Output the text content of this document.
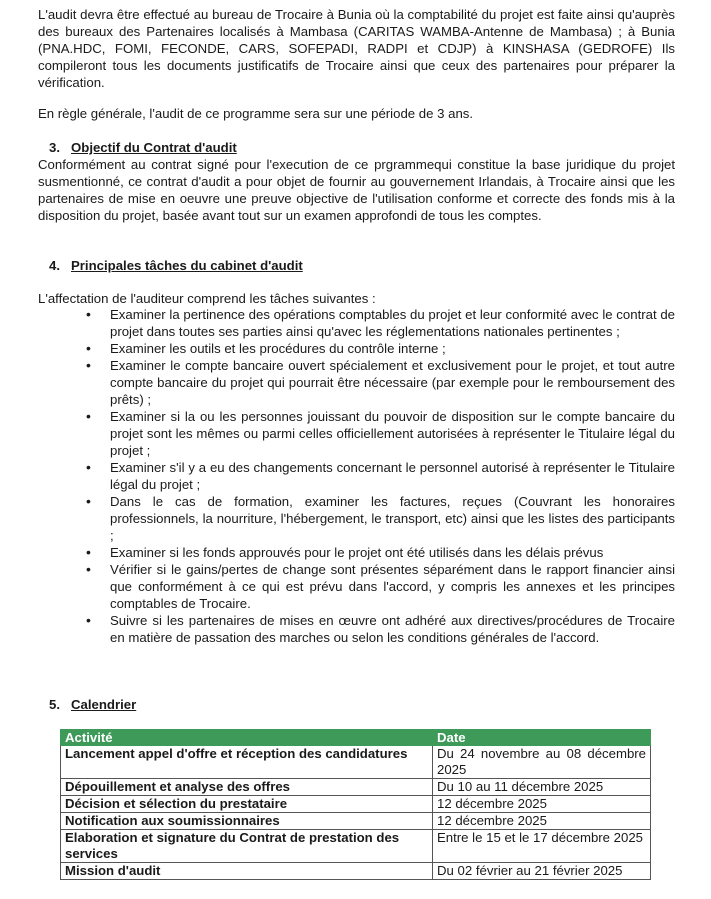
L'audit devra être effectué au bureau de Trocaire à Bunia où la comptabilité du projet est faite ainsi qu'auprès des bureaux des Partenaires localisés à Mambasa (CARITAS WAMBA-Antenne de Mambasa) ; à Bunia (PNA.HDC, FOMI, FECONDE, CARS, SOFEPADI, RADPI et CDJP) à KINSHASA (GEDROFE) Ils compileront tous les documents justificatifs de Trocaire ainsi que ceux des partenaires pour préparer la vérification.

En règle générale, l'audit de ce programme sera sur une période de 3 ans.

3. Objectif du Contrat d'audit

Conformément au contrat signé pour l'execution de ce prgrammequi constitue la base juridique du projet susmentionné, ce contrat d'audit a pour objet de fournir au gouvernement Irlandais, à Trocaire ainsi que les partenaires de mise en oeuvre une preuve objective de l'utilisation conforme et correcte des fonds mis à la disposition du projet, basée avant tout sur un examen approfondi de tous les comptes.

4. Principales tâches du cabinet d'audit

L'affectation de l'auditeur comprend les tâches suivantes :

• Examiner la pertinence des opérations comptables du projet et leur conformité avec le contrat de projet dans toutes ses parties ainsi qu'avec les réglementations nationales pertinentes ;
• Examiner les outils et les procédures du contrôle interne ;
• Examiner le compte bancaire ouvert spécialement et exclusivement pour le projet, et tout autre compte bancaire du projet qui pourrait être nécessaire (par exemple pour le remboursement des prêts) ;
• Examiner si la ou les personnes jouissant du pouvoir de disposition sur le compte bancaire du projet sont les mêmes ou parmi celles officiellement autorisées à représenter le Titulaire légal du projet ;
• Examiner s'il y a eu des changements concernant le personnel autorisé à représenter le Titulaire légal du projet ;
• Dans le cas de formation, examiner les factures, reçues (Couvrant les honoraires professionnels, la nourriture, l'hébergement, le transport, etc) ainsi que les listes des participants ;
• Examiner si les fonds approuvés pour le projet ont été utilisés dans les délais prévus
• Vérifier si le gains/pertes de change sont présentes séparément dans le rapport financier ainsi que conformément à ce qui est prévu dans l'accord, y compris les annexes et les principes comptables de Trocaire.
• Suivre si les partenaires de mises en œuvre ont adhéré aux directives/procédures de Trocaire en matière de passation des marches ou selon les conditions générales de l'accord.
5. Calendrier
Activité	Date
Lancement appel d'offre et réception des candidatures	Du 24 novembre au 08 décembre 2025
Dépouillement et analyse des offres	Du 10 au 11 décembre 2025
Décision et sélection du prestataire	12 décembre 2025
Notification aux soumissionnaires	12 décembre 2025
Elaboration et signature du Contrat de prestation des services	Entre le 15 et le 17 décembre 2025
Mission d'audit	Du 02 février au 21 février 2025
